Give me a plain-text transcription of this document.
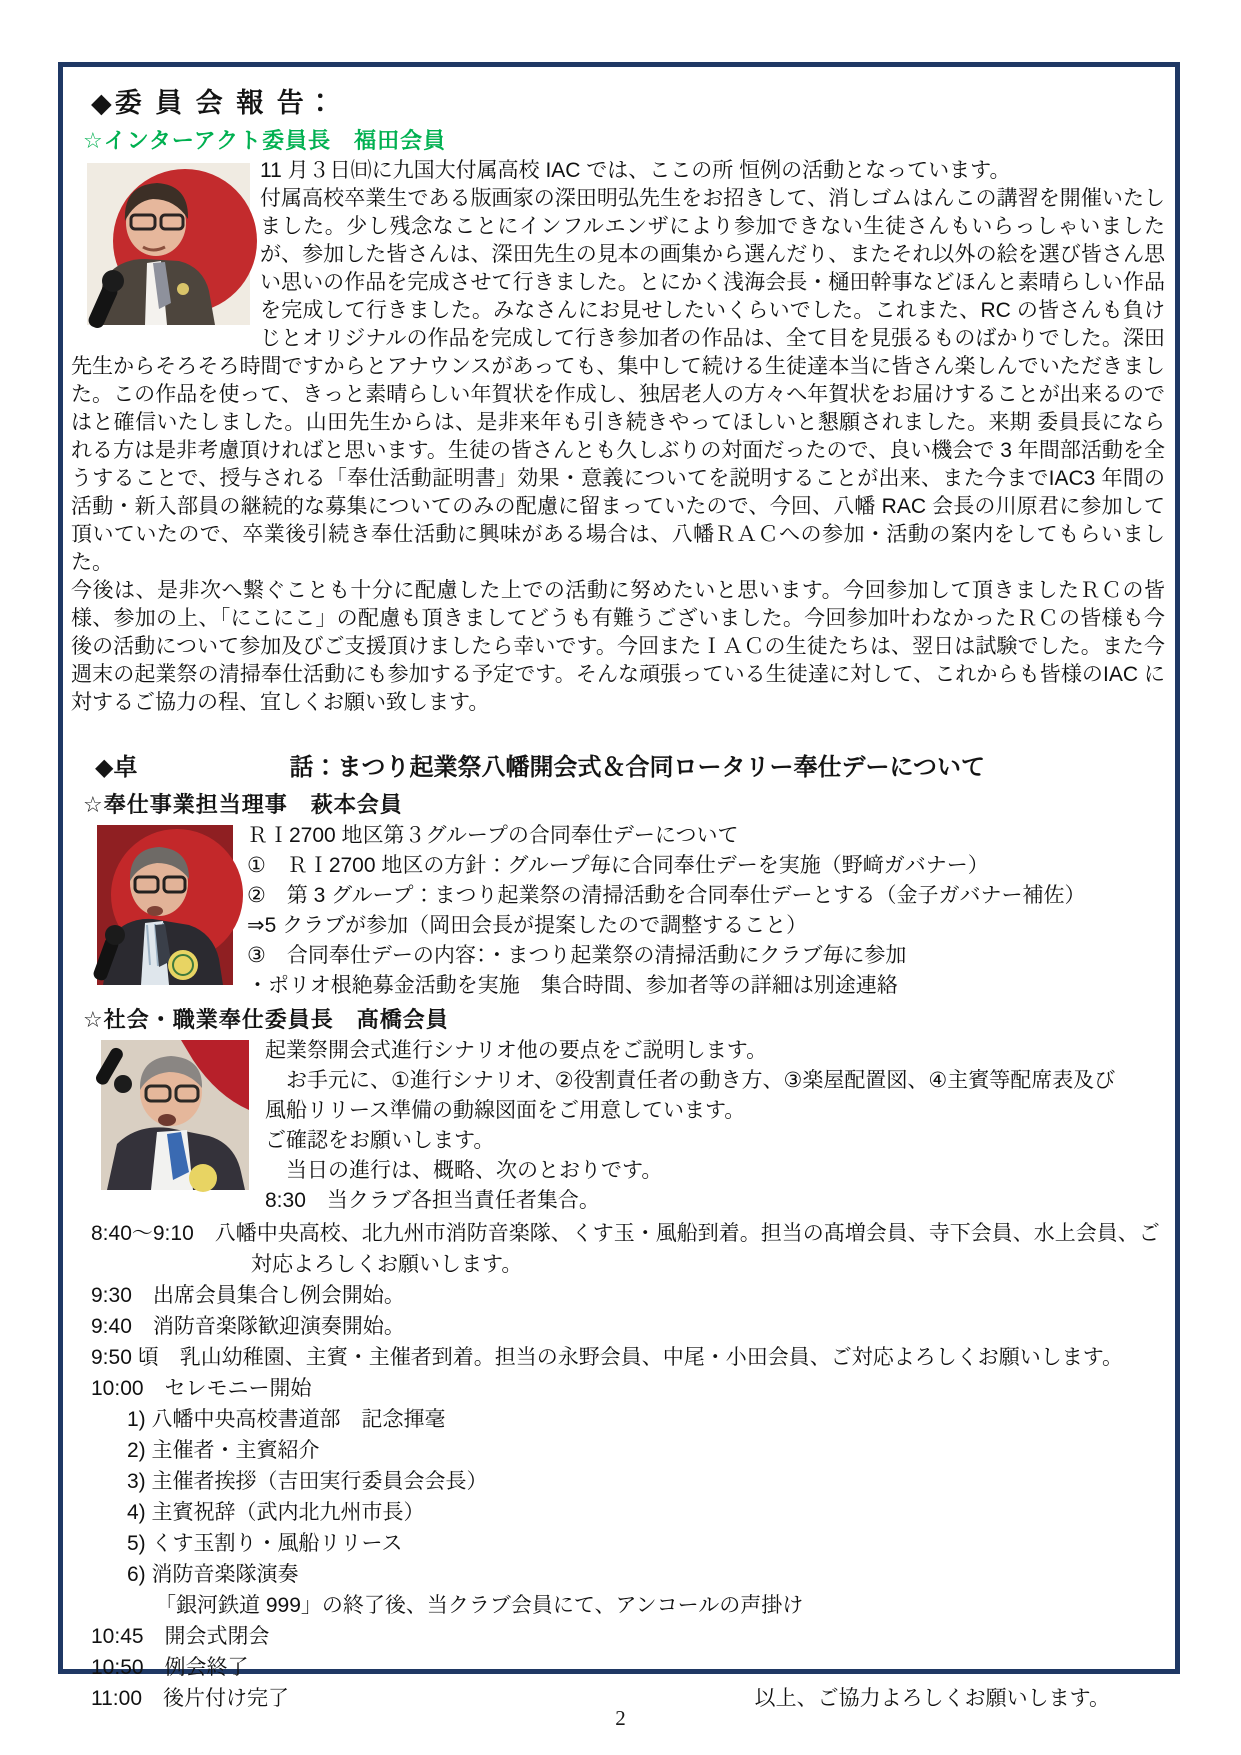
◆委 員 会 報 告：
☆インターアクト委員長　福田会員
11 月３日㈰に九国大付属高校 IAC では、ここの所 恒例の活動となっています。

付属高校卒業生である版画家の深田明弘先生をお招きして、消しゴムはんこの講習を開催いたしました。少し残念なことにインフルエンザにより参加できない生徒さんもいらっしゃいましたが、参加した皆さんは、深田先生の見本の画集から選んだり、またそれ以外の絵を選び皆さん思い思いの作品を完成させて行きました。とにかく浅海会長・樋田幹事などほんと素晴らしい作品を完成して行きました。みなさんにお見せしたいくらいでした。これまた、RC の皆さんも負けじとオリジナルの作品を完成して行き参加者の作品は、全て目を見張るものばかりでした。深田先生からそろそろ時間ですからとアナウンスがあっても、集中して続ける生徒達本当に皆さん楽しんでいただきました。この作品を使って、きっと素晴らしい年賀状を作成し、独居老人の方々へ年賀状をお届けすることが出来るのではと確信いたしました。山田先生からは、是非来年も引き続きやってほしいと懇願されました。来期 委員長になられる方は是非考慮頂ければと思います。生徒の皆さんとも久しぶりの対面だったので、良い機会で 3 年間部活動を全うすることで、授与される「奉仕活動証明書」効果・意義についてを説明することが出来、また今までIAC3 年間の活動・新入部員の継続的な募集についてのみの配慮に留まっていたので、今回、八幡 RAC 会長の川原君に参加して頂いていたので、卒業後引続き奉仕活動に興味がある場合は、八幡ＲＡＣへの参加・活動の案内をしてもらいました。

今後は、是非次へ繋ぐことも十分に配慮した上での活動に努めたいと思います。今回参加して頂きましたＲＣの皆様、参加の上、「にこにこ」の配慮も頂きましてどうも有難うございました。今回参加叶わなかったＲＣの皆様も今後の活動について参加及びご支援頂けましたら幸いです。今回またＩＡＣの生徒たちは、翌日は試験でした。また今週末の起業祭の清掃奉仕活動にも参加する予定です。そんな頑張っている生徒達に対して、これからも皆様のIAC に対するご協力の程、宜しくお願い致します。

◆卓	話：まつり起業祭八幡開会式＆合同ロータリー奉仕デーについて
☆奉仕事業担当理事　萩本会員
ＲＩ2700 地区第３グループの合同奉仕デーについて
①　ＲＩ2700 地区の方針：グループ毎に合同奉仕デーを実施（野﨑ガバナー）
②　第 3 グループ：まつり起業祭の清掃活動を合同奉仕デーとする（金子ガバナー補佐）
⇒5 クラブが参加（岡田会長が提案したので調整すること）
③　合同奉仕デーの内容：・まつり起業祭の清掃活動にクラブ毎に参加
・ポリオ根絶募金活動を実施　集合時間、参加者等の詳細は別途連絡
☆社会・職業奉仕委員長　髙橋会員
起業祭開会式進行シナリオ他の要点をご説明します。
　お手元に、①進行シナリオ、②役割責任者の動き方、③楽屋配置図、④主賓等配席表及び
風船リリース準備の動線図面をご用意しています。
ご確認をお願いします。
　当日の進行は、概略、次のとおりです。
8:30　当クラブ各担当責任者集合。
8:40～9:10　八幡中央高校、北九州市消防音楽隊、くす玉・風船到着。担当の髙増会員、寺下会員、水上会員、ご対応よろしくお願いします。
9:30　出席会員集合し例会開始。
9:40　消防音楽隊歓迎演奏開始。
9:50 頃　乳山幼稚園、主賓・主催者到着。担当の永野会員、中尾・小田会員、ご対応よろしくお願いします。
10:00　セレモニー開始
1) 八幡中央高校書道部　記念揮毫
2) 主催者・主賓紹介
3) 主催者挨拶（吉田実行委員会会長）
4) 主賓祝辞（武内北九州市長）
5) くす玉割り・風船リリース
6) 消防音楽隊演奏
「銀河鉄道 999」の終了後、当クラブ会員にて、アンコールの声掛け
10:45　開会式閉会
10:50　例会終了
11:00　後片付け完了	以上、ご協力よろしくお願いします。
2
